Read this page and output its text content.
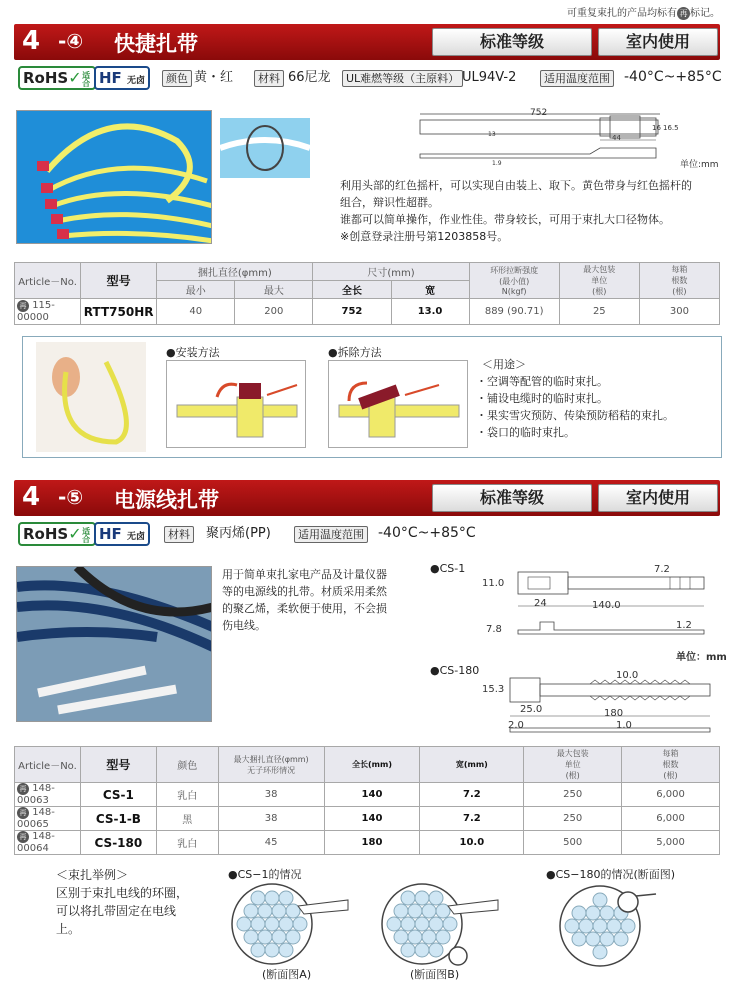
可重复束扎的产品均标有 再 标记。
4 -④ 快捷扎带	标准等级	室内使用
RoHS✓适合 HF 无卤	颜色 黄・红	材料 66尼龙	UL难燃等级（主原料） UL94V-2	适用温度范围 -40°C~+85°C
752
13	44
16 16.5
1.9	单位:mm
利用头部的红色摇杆，可以实现自由装上、取下。黄色带身与红色摇杆的
组合，辩识性超群。
谁都可以简单操作，作业性佳。带身较长，可用于束扎大口径物体。
※创意登录注册号第1203858号。
Article－No.	型号	捆扎直径(φmm)		尺寸(mm)		环形拉断强度
(最小值)
N(kgf)	最大包装
单位
(根)	每箱
根数
(根)
		最小	最大	全长	宽			
再 115-00000	RTT750HR	40	200	752	13.0	889 (90.71)	25	300
●安装方法	●拆除方法
＜用途＞
・空调等配管的临时束扎。
・铺设电缆时的临时束扎。
・果实雪灾预防、传染预防稻秸的束扎。
・袋口的临时束扎。
4 -⑤ 电源线扎带	标准等级	室内使用
RoHS✓适合 HF 无卤	材料	聚丙烯(PP)	适用温度范围 -40°C~+85°C
用于简单束扎家电产品及计量仪器
等的电源线的扎带。材质采用柔然
的聚乙烯，柔软便于使用，不会损
伤电线。
●CS-1
11.0
7.2
24	140.0
7.8	1.2
单位：mm
●CS-180	10.0
15.3
25.0	180
2.0	1.0
Article－No.	型号	颜色	最大捆扎直径(φmm)
无子环形情况	全长(mm)	宽(mm)	最大包装
单位
(根)	每箱
根数
(根)
再 148-00063	CS-1	乳白	38	140	7.2	250	6,000
再 148-00065	CS-1-B	黑	38	140	7.2	250	6,000
再 148-00064	CS-180	乳白	45	180	10.0	500	5,000
＜束扎举例＞
区别于束扎电线的环圈，
可以将扎带固定在电线
上。
●CS−1的情况	●CS−180的情况(断面图)
(断面图A)	(断面图B)
